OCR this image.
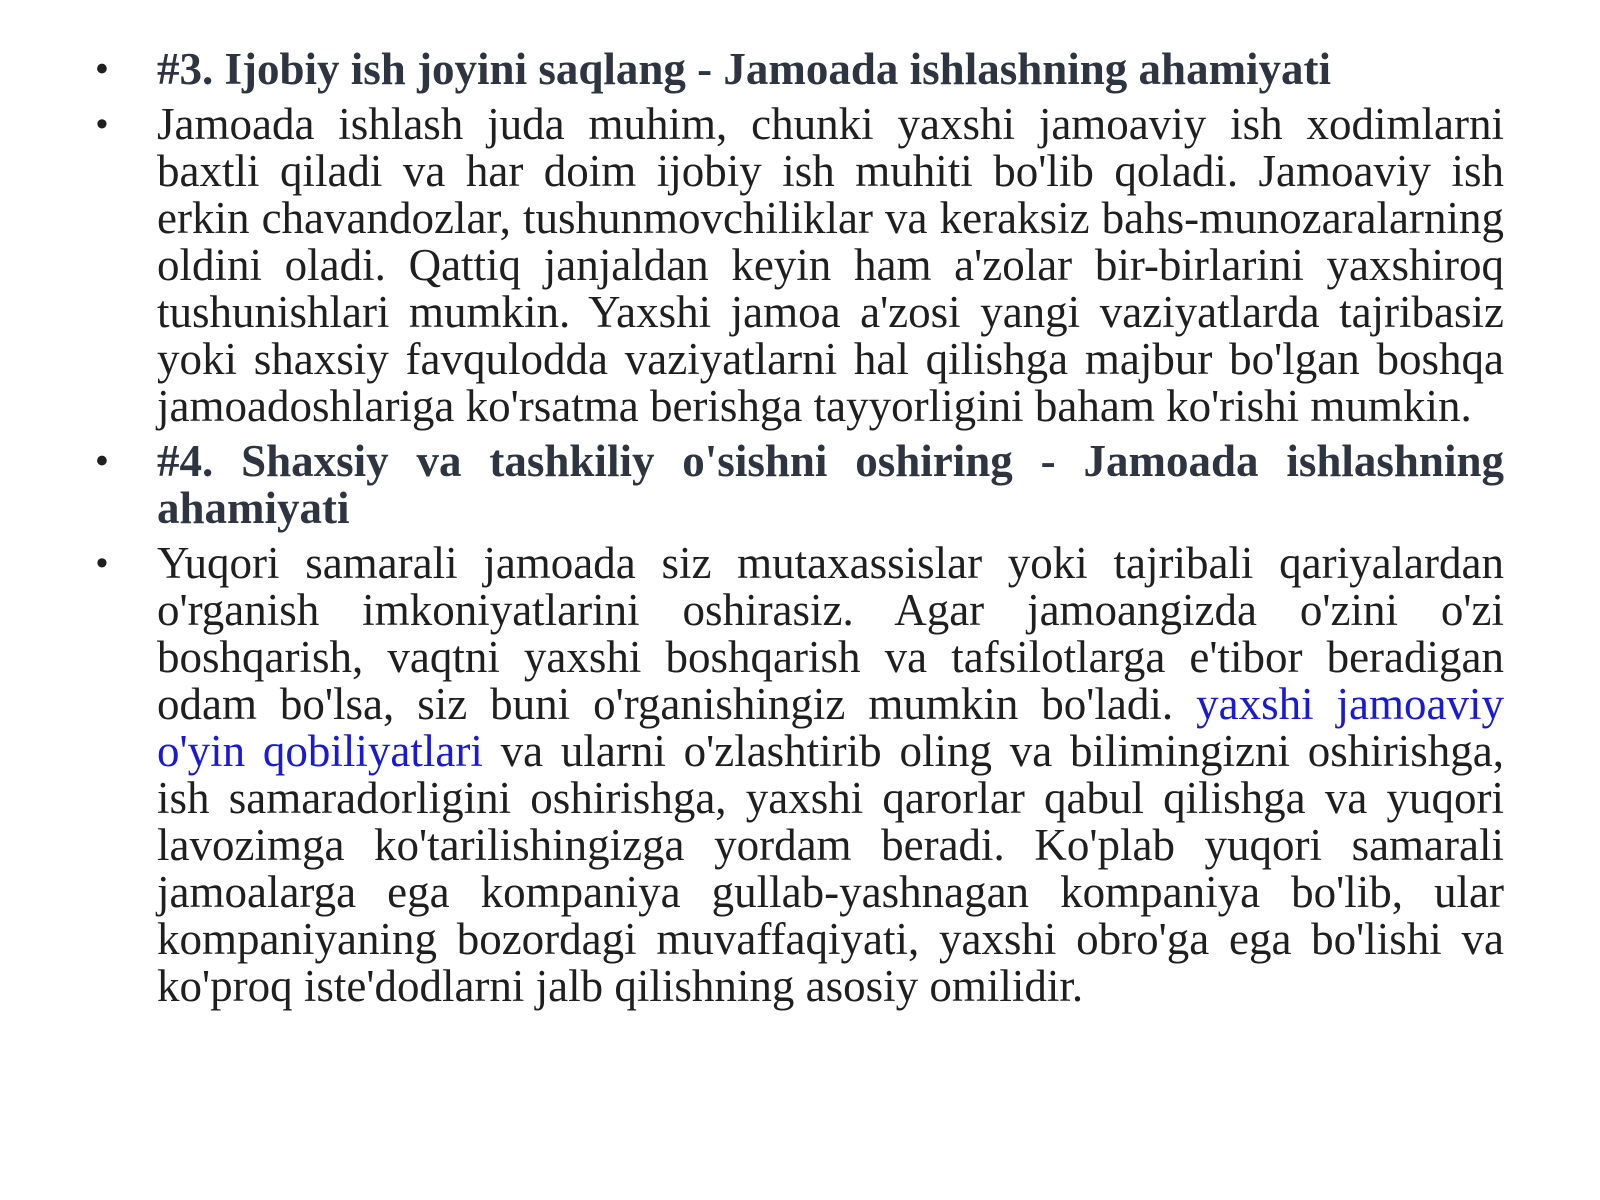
•	#3. Ijobiy ish joyini saqlang - Jamoada ishlashning ahamiyati
•	Jamoada ishlash juda muhim, chunki yaxshi jamoaviy ish xodimlarni baxtli qiladi va har doim ijobiy ish muhiti bo'lib qoladi. Jamoaviy ish erkin chavandozlar, tushunmovchiliklar va keraksiz bahs-munozaralarning oldini oladi. Qattiq janjaldan keyin ham a'zolar bir-birlarini yaxshiroq tushunishlari mumkin. Yaxshi jamoa a'zosi yangi vaziyatlarda tajribasiz yoki shaxsiy favqulodda vaziyatlarni hal qilishga majbur bo'lgan boshqa jamoadoshlariga ko'rsatma berishga tayyorligini baham ko'rishi mumkin.
•	#4. Shaxsiy va tashkiliy o'sishni oshiring - Jamoada ishlashning ahamiyati
•	Yuqori samarali jamoada siz mutaxassislar yoki tajribali qariyalardan o'rganish imkoniyatlarini oshirasiz. Agar jamoangizda o'zini o'zi boshqarish, vaqtni yaxshi boshqarish va tafsilotlarga e'tibor beradigan odam bo'lsa, siz buni o'rganishingiz mumkin bo'ladi. yaxshi jamoaviy o'yin qobiliyatlari va ularni o'zlashtirib oling va bilimingizni oshirishga, ish samaradorligini oshirishga, yaxshi qarorlar qabul qilishga va yuqori lavozimga ko'tarilishingizga yordam beradi. Ko'plab yuqori samarali jamoalarga ega kompaniya gullab-yashnagan kompaniya bo'lib, ular kompaniyaning bozordagi muvaffaqiyati, yaxshi obro'ga ega bo'lishi va ko'proq iste'dodlarni jalb qilishning asosiy omilidir.
